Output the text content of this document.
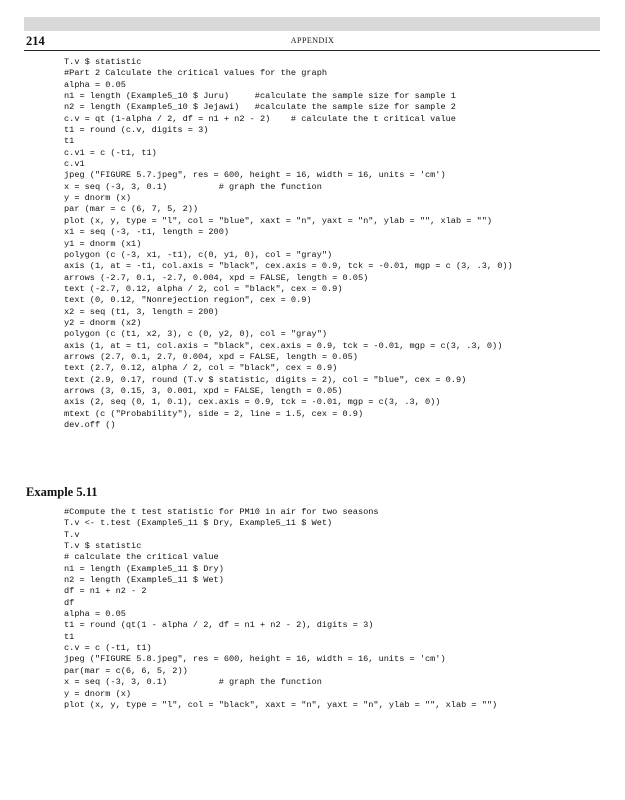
214	APPENDIX
T.v $ statistic
#Part 2 Calculate the critical values for the graph
alpha = 0.05
n1 = length (Example5_10 $ Juru)     #calculate the sample size for sample 1
n2 = length (Example5_10 $ Jejawi)   #calculate the sample size for sample 2
c.v = qt (1-alpha / 2, df = n1 + n2 - 2)    # calculate the t critical value
t1 = round (c.v, digits = 3)
t1
c.v1 = c (-t1, t1)
c.v1
jpeg ("FIGURE 5.7.jpeg", res = 600, height = 16, width = 16, units = 'cm')
x = seq (-3, 3, 0.1)          # graph the function
y = dnorm (x)
par (mar = c (6, 7, 5, 2))
plot (x, y, type = "l", col = "blue", xaxt = "n", yaxt = "n", ylab = "", xlab = "")
x1 = seq (-3, -t1, length = 200)
y1 = dnorm (x1)
polygon (c (-3, x1, -t1), c(0, y1, 0), col = "gray")
axis (1, at = -t1, col.axis = "black", cex.axis = 0.9, tck = -0.01, mgp = c (3, .3, 0))
arrows (-2.7, 0.1, -2.7, 0.004, xpd = FALSE, length = 0.05)
text (-2.7, 0.12, alpha / 2, col = "black", cex = 0.9)
text (0, 0.12, "Nonrejection region", cex = 0.9)
x2 = seq (t1, 3, length = 200)
y2 = dnorm (x2)
polygon (c (t1, x2, 3), c (0, y2, 0), col = "gray")
axis (1, at = t1, col.axis = "black", cex.axis = 0.9, tck = -0.01, mgp = c(3, .3, 0))
arrows (2.7, 0.1, 2.7, 0.004, xpd = FALSE, length = 0.05)
text (2.7, 0.12, alpha / 2, col = "black", cex = 0.9)
text (2.9, 0.17, round (T.v $ statistic, digits = 2), col = "blue", cex = 0.9)
arrows (3, 0.15, 3, 0.001, xpd = FALSE, length = 0.05)
axis (2, seq (0, 1, 0.1), cex.axis = 0.9, tck = -0.01, mgp = c(3, .3, 0))
mtext (c ("Probability"), side = 2, line = 1.5, cex = 0.9)
dev.off ()
Example 5.11
#Compute the t test statistic for PM10 in air for two seasons
T.v <- t.test (Example5_11 $ Dry, Example5_11 $ Wet)
T.v
T.v $ statistic
# calculate the critical value
n1 = length (Example5_11 $ Dry)
n2 = length (Example5_11 $ Wet)
df = n1 + n2 - 2
df
alpha = 0.05
t1 = round (qt(1 - alpha / 2, df = n1 + n2 - 2), digits = 3)
t1
c.v = c (-t1, t1)
jpeg ("FIGURE 5.8.jpeg", res = 600, height = 16, width = 16, units = 'cm')
par(mar = c(6, 6, 5, 2))
x = seq (-3, 3, 0.1)          # graph the function
y = dnorm (x)
plot (x, y, type = "l", col = "black", xaxt = "n", yaxt = "n", ylab = "", xlab = "")
